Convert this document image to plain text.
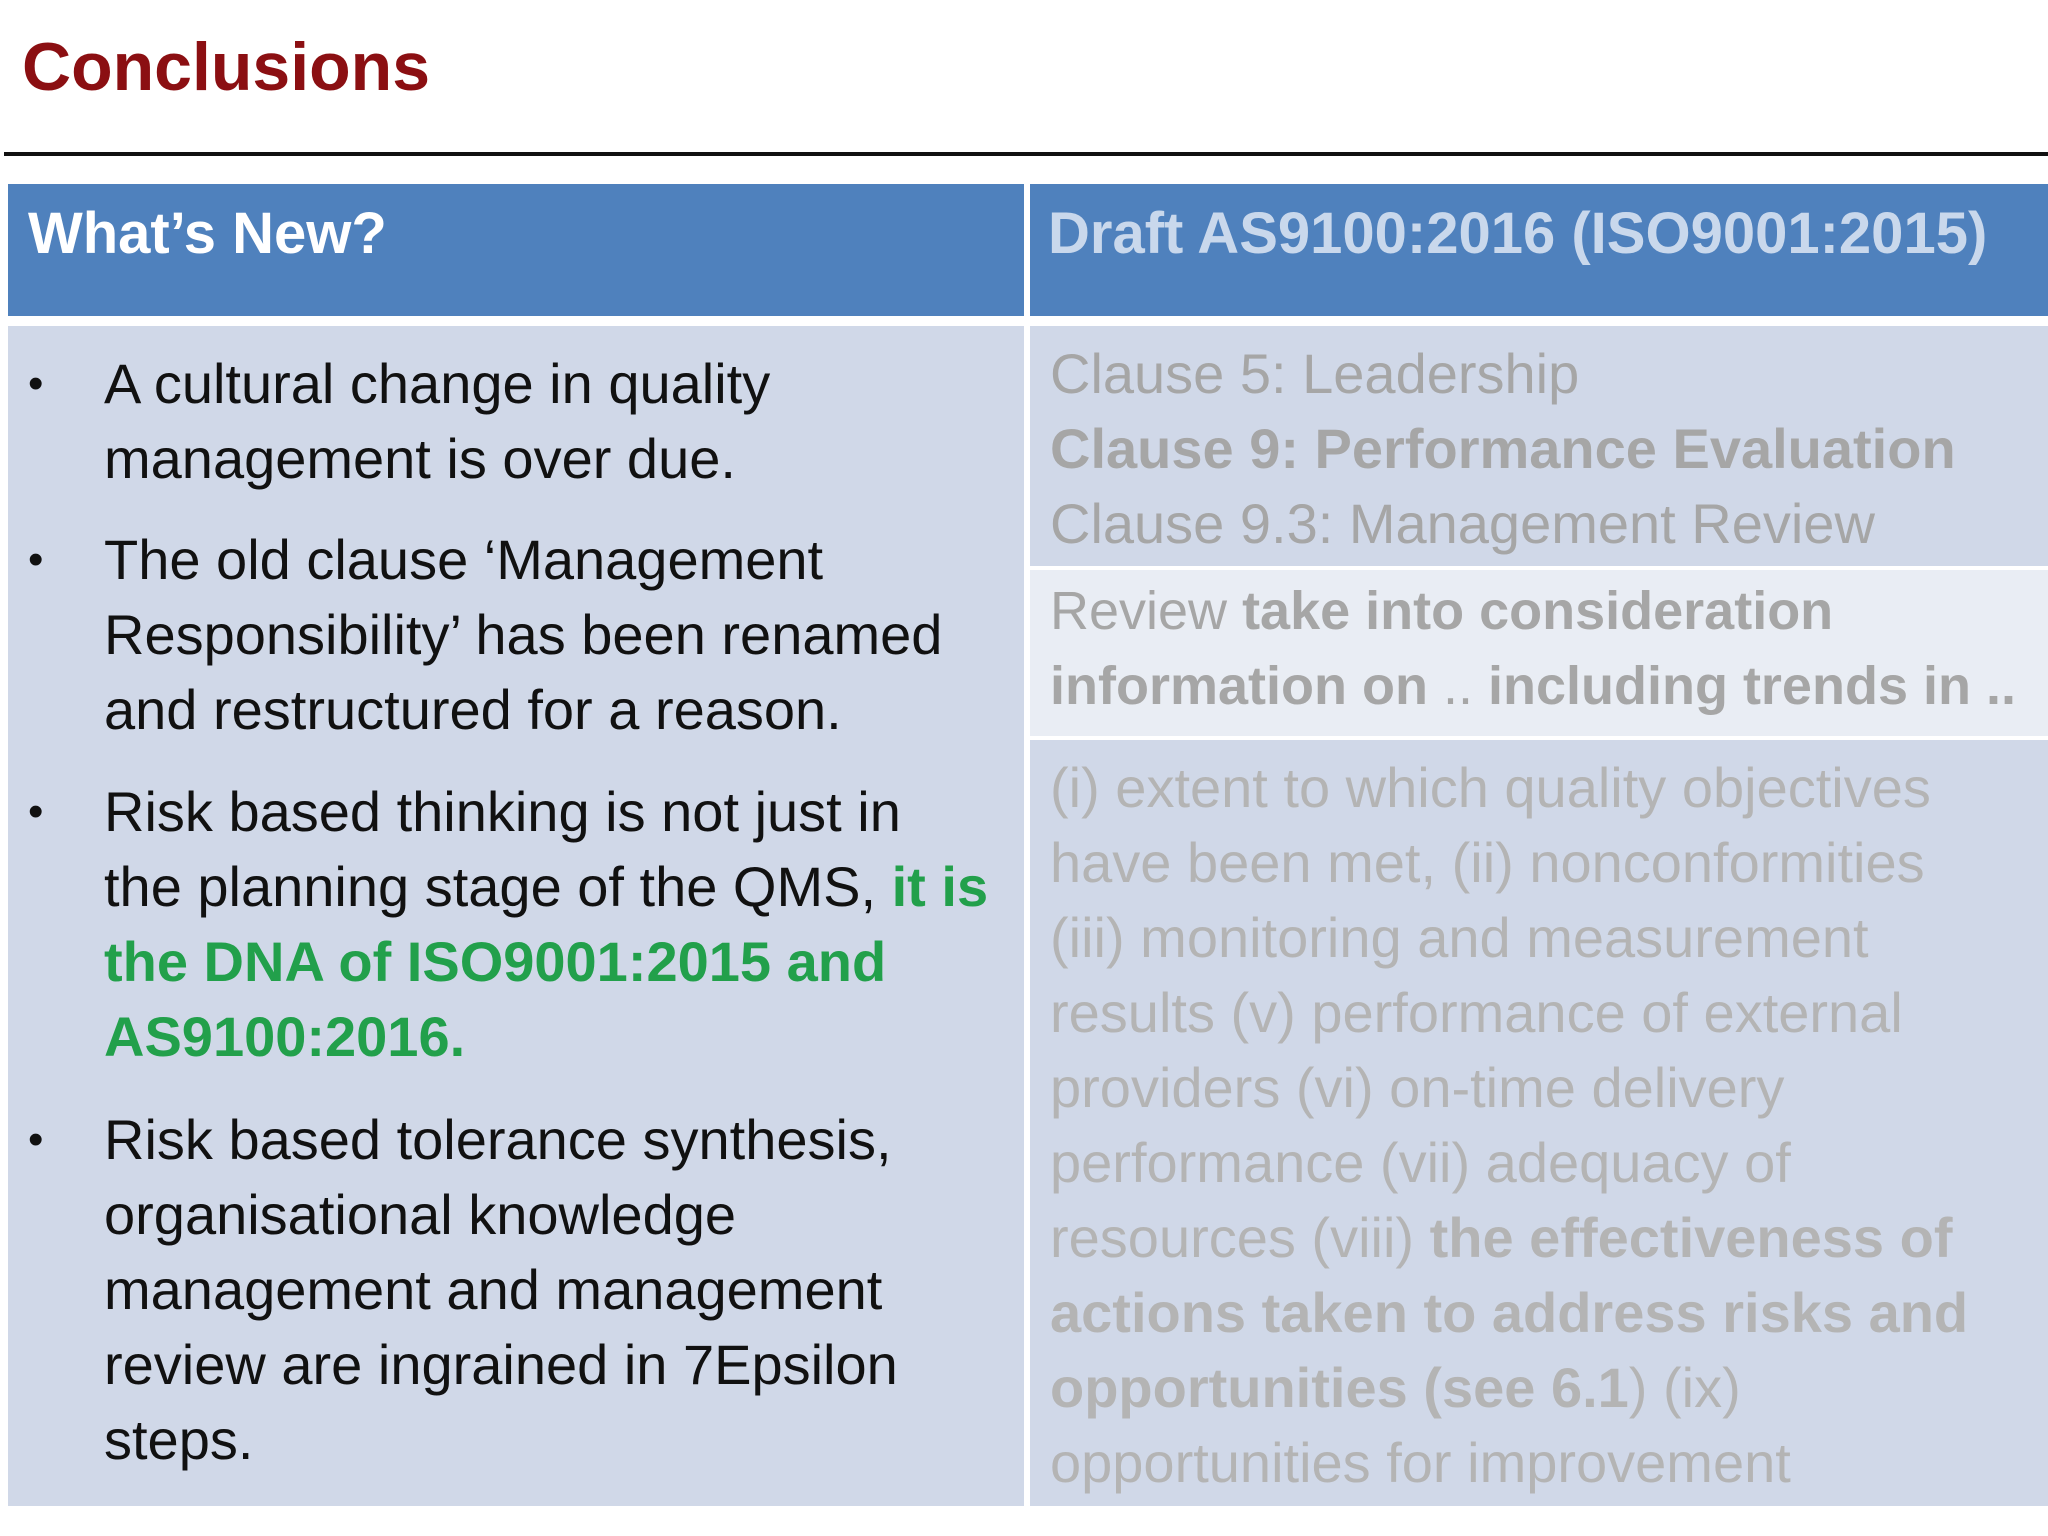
Conclusions
What’s New?	Draft AS9100:2016 (ISO9001:2015)
• A cultural change in quality
management is over due.
• The old clause ‘Management
Responsibility’ has been renamed
and restructured for a reason.
• Risk based thinking is not just in
the planning stage of the QMS, it is
the DNA of ISO9001:2015 and
AS9100:2016.
• Risk based tolerance synthesis,
organisational knowledge
management and management
review are ingrained in 7Epsilon
steps.
Clause 5: Leadership
Clause 9: Performance Evaluation
Clause 9.3: Management Review
Review take into consideration
information on .. including trends in ..
(i) extent to which quality objectives
have been met, (ii) nonconformities
(iii) monitoring and measurement
results (v) performance of external
providers (vi) on-time delivery
performance (vii) adequacy of
resources (viii) the effectiveness of
actions taken to address risks and
opportunities (see 6.1) (ix)
opportunities for improvement
